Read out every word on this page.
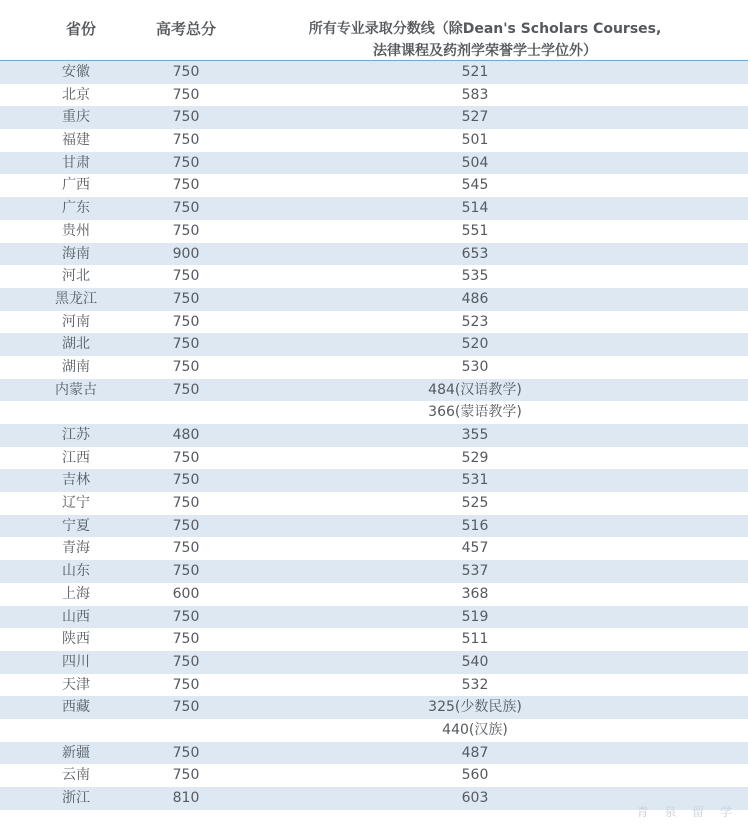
省份	高考总分	所有专业录取分数线（除Dean's Scholars Courses,
法律课程及药剂学荣誉学士学位外）
安徽	750	521
北京	750	583
重庆	750	527
福建	750	501
甘肃	750	504
广西	750	545
广东	750	514
贵州	750	551
海南	900	653
河北	750	535
黑龙江	750	486
河南	750	523
湖北	750	520
湖南	750	530
内蒙古	750	484(汉语教学)
366(蒙语教学)
江苏	480	355
江西	750	529
吉林	750	531
辽宁	750	525
宁夏	750	516
青海	750	457
山东	750	537
上海	600	368
山西	750	519
陕西	750	511
四川	750	540
天津	750	532
西藏	750	325(少数民族)
440(汉族)
新疆	750	487
云南	750	560
浙江	810	603
青 泉 留 学
